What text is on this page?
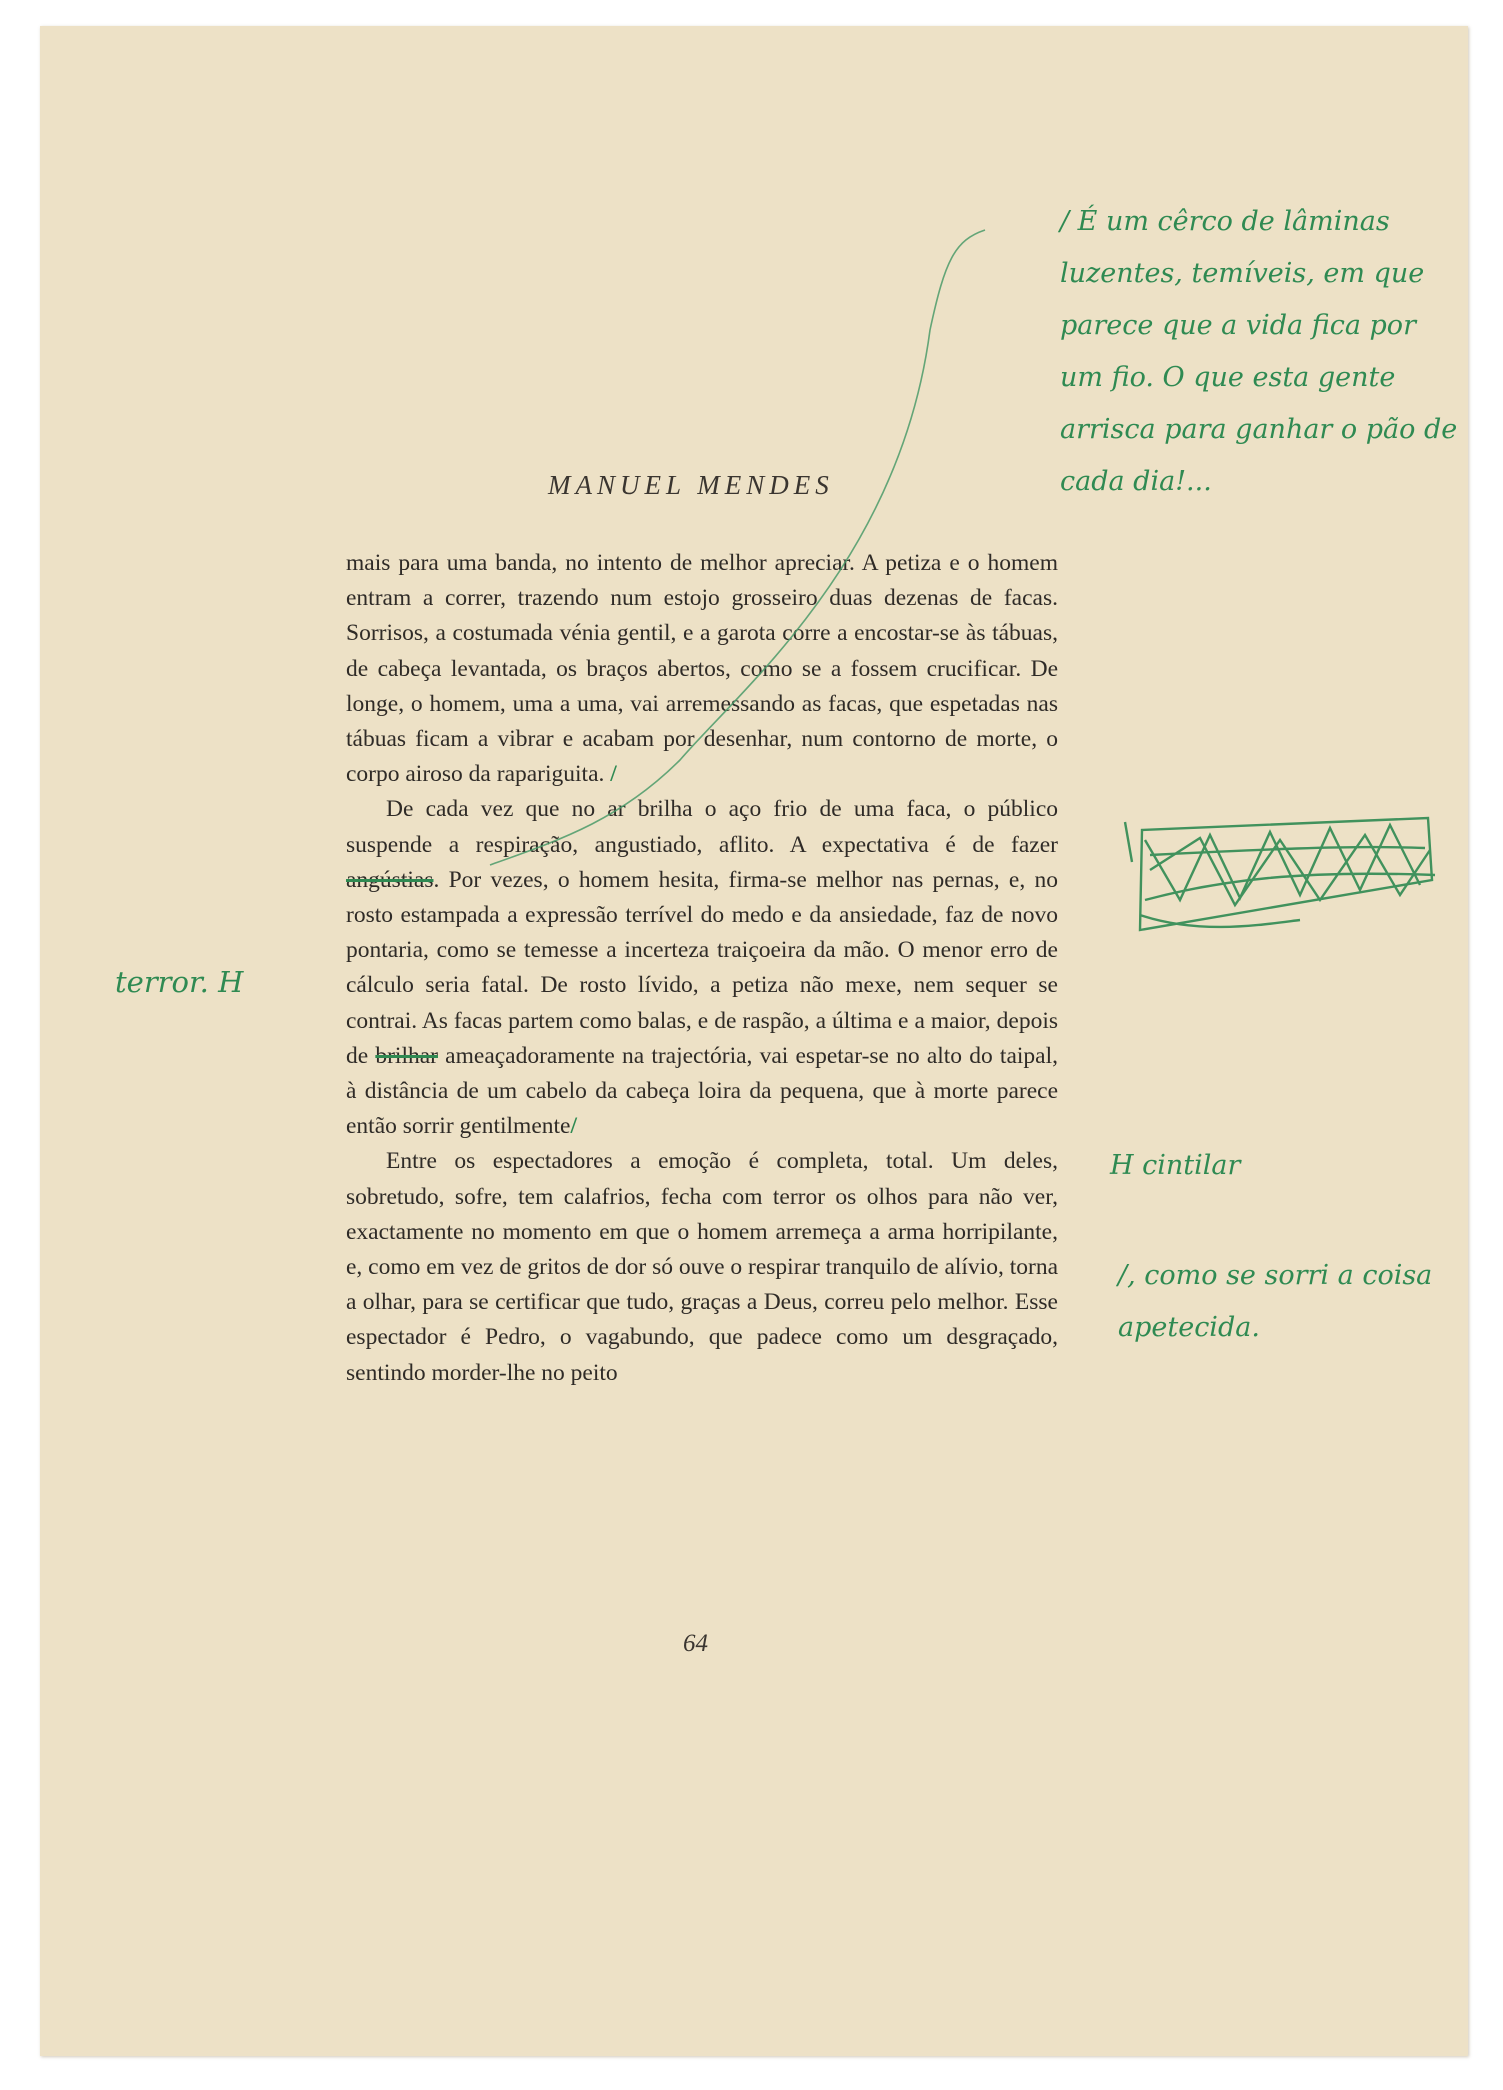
MANUEL MENDES

mais para uma banda, no intento de melhor apreciar. A petiza e o homem entram a correr, trazendo num estojo grosseiro duas dezenas de facas. Sorrisos, a costumada vénia gentil, e a garota corre a encostar-se às tábuas, de cabeça levantada, os braços abertos, como se a fossem crucificar. De longe, o homem, uma a uma, vai arremessando as facas, que espetadas nas tábuas ficam a vibrar e acabam por desenhar, num contorno de morte, o corpo airoso da rapariguita. /

De cada vez que no ar brilha o aço frio de uma faca, o público suspende a respiração, angustiado, aflito. A expectativa é de fazer angústias. Por vezes, o homem hesita, firma-se melhor nas pernas, e, no rosto estampada a expressão terrível do medo e da ansiedade, faz de novo pontaria, como se temesse a incerteza traiçoeira da mão. O menor erro de cálculo seria fatal. De rosto lívido, a petiza não mexe, nem sequer se contrai. As facas partem como balas, e de raspão, a última e a maior, depois de brilhar ameaçadoramente na trajectória, vai espetar-se no alto do taipal, à distância de um cabelo da cabeça loira da pequena, que à morte parece então sorrir gentilmente/

Entre os espectadores a emoção é completa, total. Um deles, sobretudo, sofre, tem calafrios, fecha com terror os olhos para não ver, exactamente no momento em que o homem arremeça a arma horripilante, e, como em vez de gritos de dor só ouve o respirar tranquilo de alívio, torna a olhar, para se certificar que tudo, graças a Deus, correu pelo melhor. Esse espectador é Pedro, o vagabundo, que padece como um desgraçado, sentindo morder-lhe no peito

64
/ É um cêrco de lâminas luzentes, temíveis, em que parece que a vida fica por um fio. O que esta gente arrisca para ganhar o pão de cada dia!...
terror. H
H cintilar
/, como se sorri a coisa apetecida.
